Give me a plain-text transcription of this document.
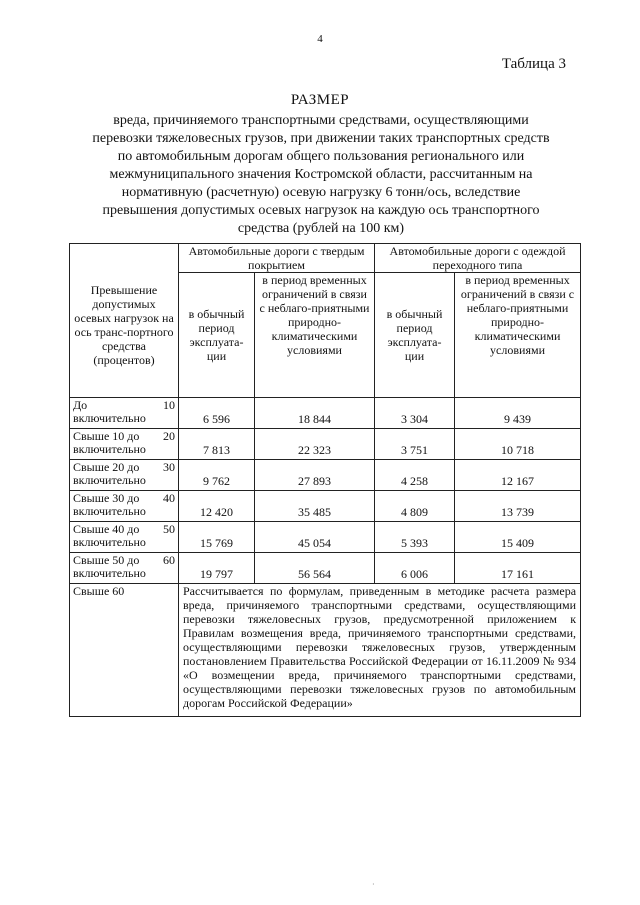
4
Таблица 3
РАЗМЕР
вреда, причиняемого транспортными средствами, осуществляющими перевозки тяжеловесных грузов, при движении таких транспортных средств по автомобильным дорогам общего пользования регионального или межмуниципального значения Костромской области, рассчитанным на нормативную (расчетную) осевую нагрузку 6 тонн/ось, вследствие превышения допустимых осевых нагрузок на каждую ось транспортного средства (рублей на 100 км)
Превышение допустимых осевых нагрузок на ось транс-портного средства (процентов)	Автомобильные дороги с твердым покрытием		Автомобильные дороги с одеждой переходного типа	
	в обычный период эксплуата-ции	в период временных ограничений в связи с неблаго-приятными природно-климатическими условиями	в обычный период эксплуата-ции	в период временных ограничений в связи с неблаго-приятными природно-климатическими условиями

До 10
включительно	6 596	18 844	3 304	9 439

Свыше 10 до 20
включительно	7 813	22 323	3 751	10 718

Свыше 20 до 30
включительно	9 762	27 893	4 258	12 167

Свыше 30 до 40
включительно	12 420	35 485	4 809	13 739

Свыше 40 до 50
включительно	15 769	45 054	5 393	15 409

Свыше 50 до 60
включительно	19 797	56 564	6 006	17 161
Свыше 60	Рассчитывается по формулам, приведенным в методике расчета размера вреда, причиняемого транспортными средствами, осуществляющими перевозки тяжеловесных грузов, предусмотренной приложением к Правилам возмещения вреда, причиняемого транспортными средствами, осуществляющими перевозки тяжеловесных грузов, утвержденным постановлением Правительства Российской Федерации от 16.11.2009 № 934 «О возмещении вреда, причиняемого транспортными средствами, осуществляющими перевозки тяжеловесных грузов по автомобильным дорогам Российской Федерации»			
·
